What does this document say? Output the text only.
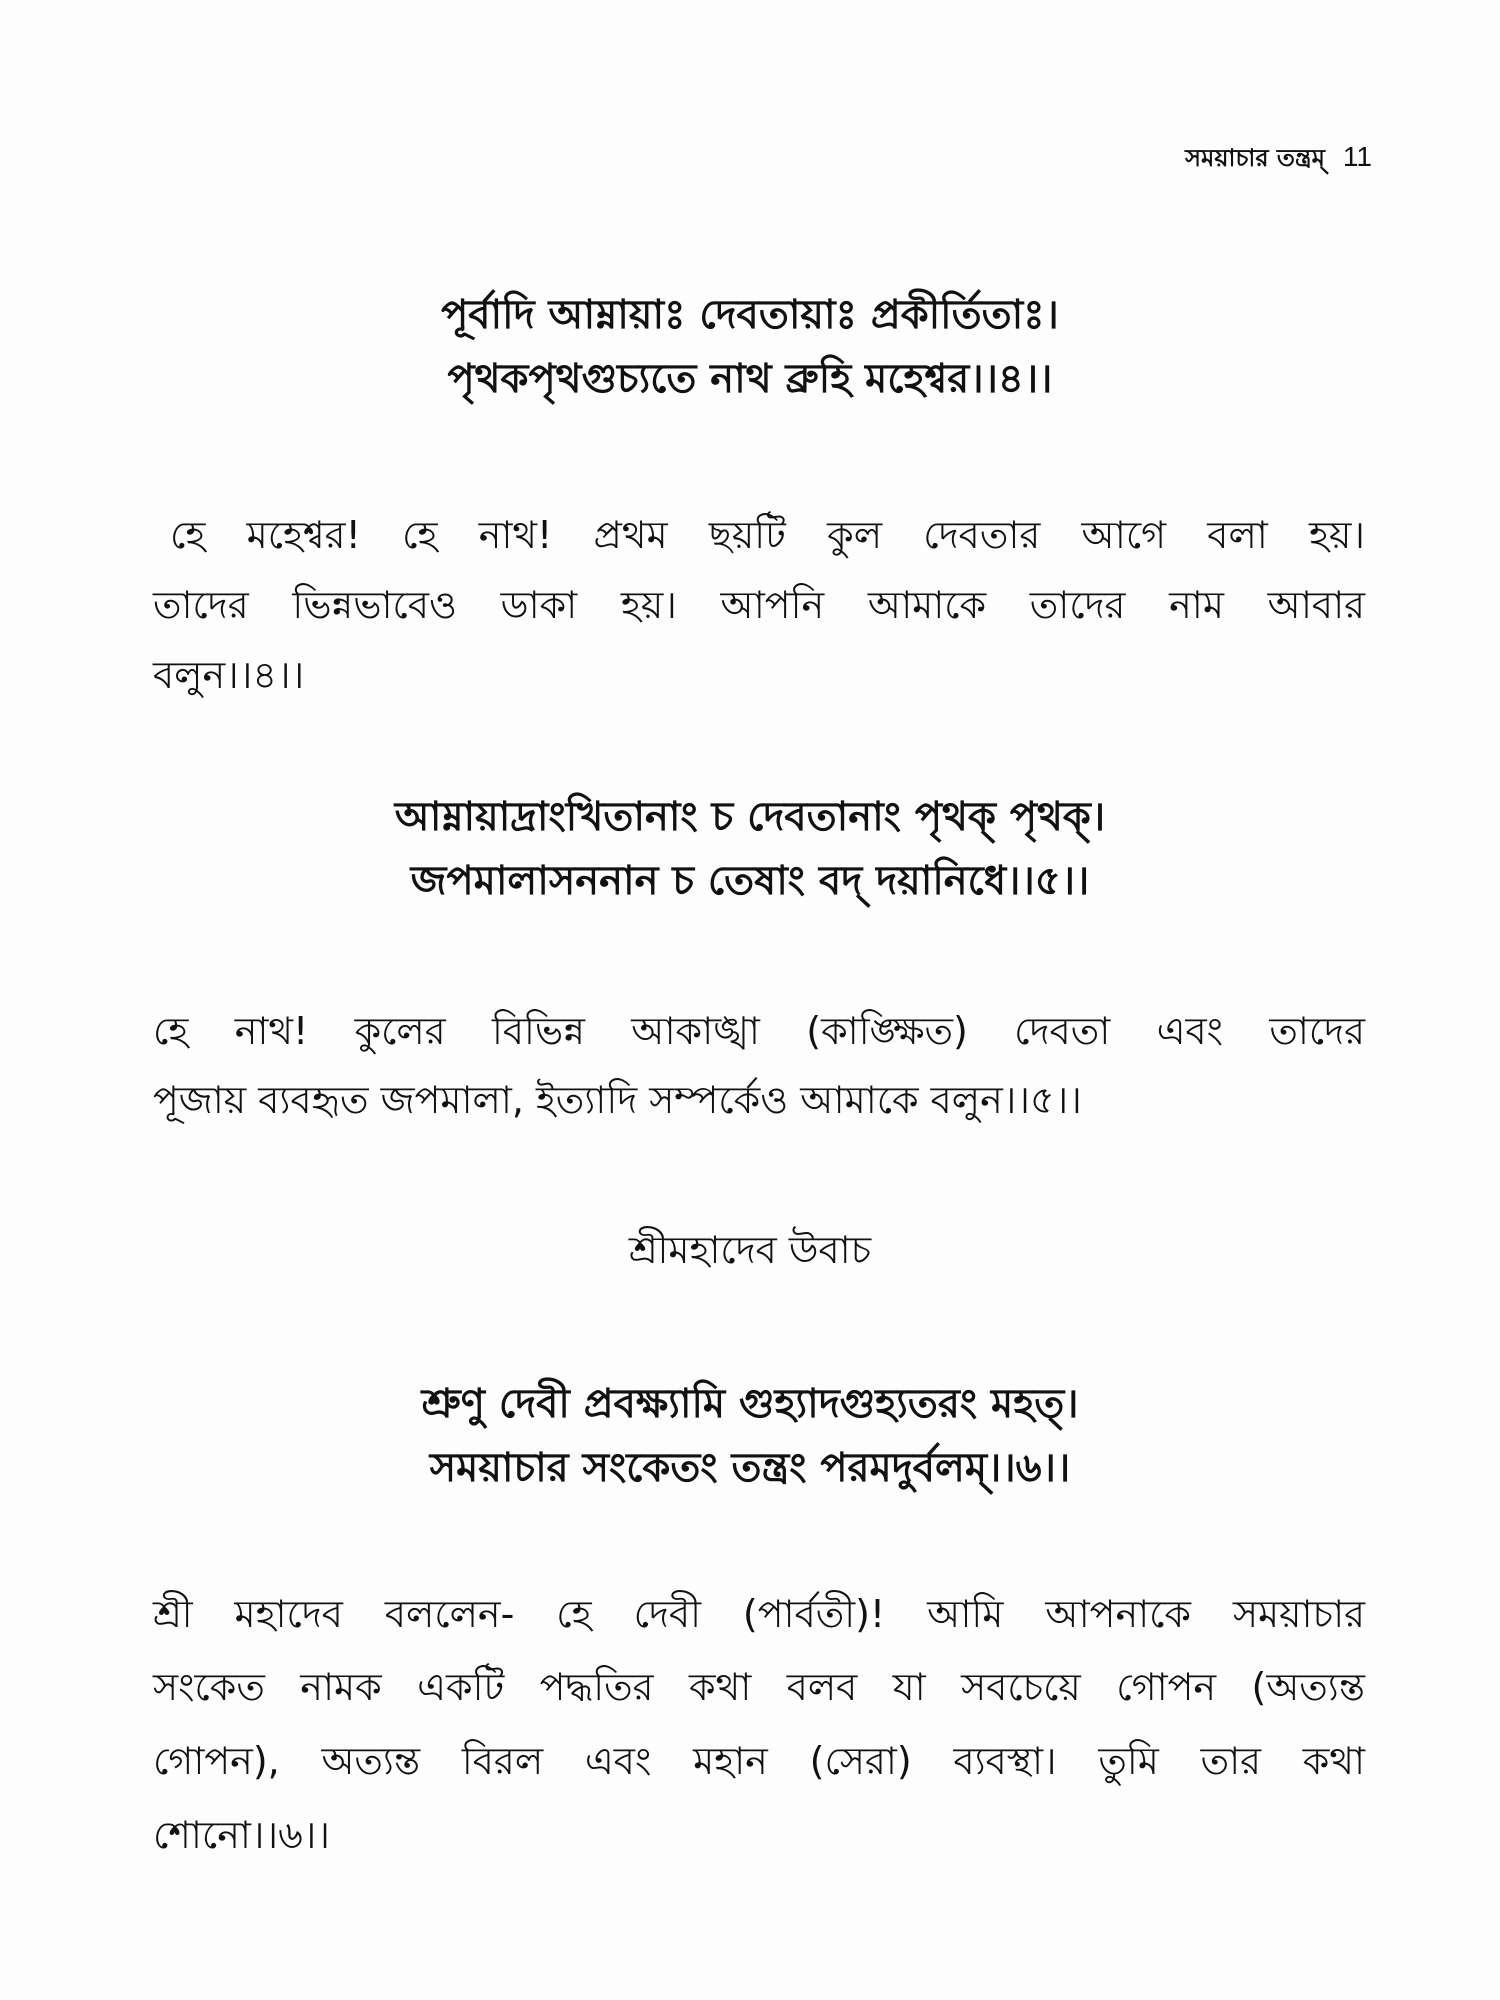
সময়াচার তন্ত্রম্ 11
পূর্বাদি আম্নায়াঃ দেবতায়াঃ প্রকীর্তিতাঃ।
পৃথকপৃথগুচ্যতে নাথ ব্রুহি মহেশ্বর।।৪।।
হে মহেশ্বর! হে নাথ! প্রথম ছয়টি কুল দেবতার আগে বলা হয়।
তাদের ভিন্নভাবেও ডাকা হয়। আপনি আমাকে তাদের নাম আবার
বলুন।।৪।।
আম্নায়াদ্রাংখিতানাং চ দেবতানাং পৃথক্ পৃথক্।
জপমালাসননান চ তেষাং বদ্ দয়ানিধে।।৫।।
হে নাথ! কুলের বিভিন্ন আকাঙ্খা (কাঙ্ক্ষিত) দেবতা এবং তাদের
পূজায় ব্যবহৃত জপমালা, ইত্যাদি সম্পর্কেও আমাকে বলুন।।৫।।
শ্রীমহাদেব উবাচ
শ্রুণু দেবী প্রবক্ষ্যামি গুহ্যাদগুহ্যতরং মহত্।
সময়াচার সংকেতং তন্ত্রং পরমদুর্বলম্।।৬।।
শ্রী মহাদেব বললেন- হে দেবী (পার্বতী)! আমি আপনাকে সময়াচার
সংকেত নামক একটি পদ্ধতির কথা বলব যা সবচেয়ে গোপন (অত্যন্ত
গোপন), অত্যন্ত বিরল এবং মহান (সেরা) ব্যবস্থা। তুমি তার কথা
শোনো।।৬।।
